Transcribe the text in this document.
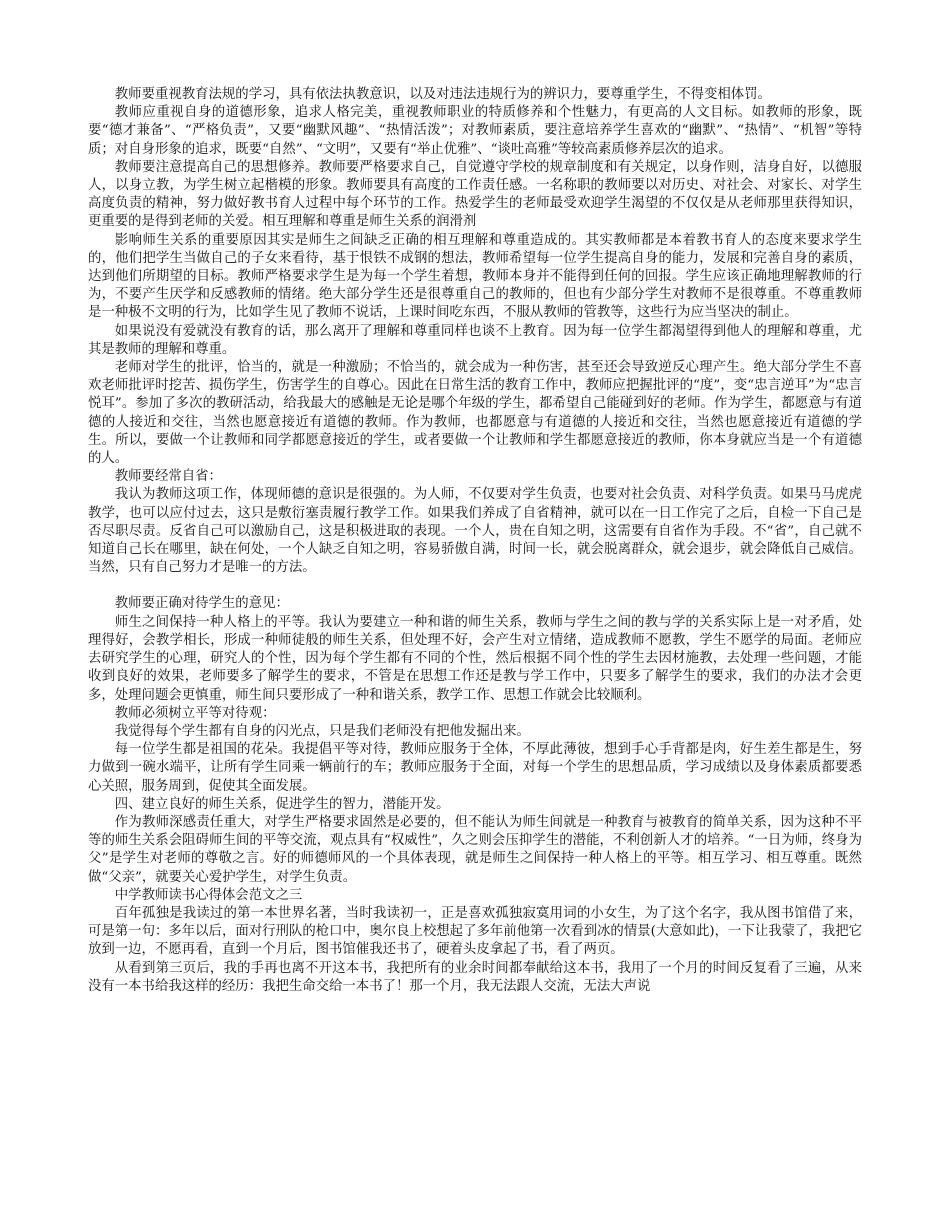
教师要重视教育法规的学习，具有依法执教意识，以及对违法违规行为的辨识力，要尊重学生，不得变相体罚。

教师应重视自身的道德形象，追求人格完美，重视教师职业的特质修养和个性魅力，有更高的人文目标。如教师的形象，既要“德才兼备”、“严格负责”，又要“幽默风趣”、“热情活泼”；对教师素质，要注意培养学生喜欢的“幽默”、“热情”、“机智”等特质；对自身形象的追求，既要“自然”、“文明”，又要有“举止优雅”、“谈吐高雅”等较高素质修养层次的追求。

教师要注意提高自己的思想修养。教师要严格要求自己，自觉遵守学校的规章制度和有关规定，以身作则，洁身自好，以德服人，以身立教，为学生树立起楷模的形象。教师要具有高度的工作责任感。一名称职的教师要以对历史、对社会、对家长、对学生高度负责的精神，努力做好教书育人过程中每个环节的工作。热爱学生的老师最受欢迎学生渴望的不仅仅是从老师那里获得知识，更重要的是得到老师的关爱。相互理解和尊重是师生关系的润滑剂

影响师生关系的重要原因其实是师生之间缺乏正确的相互理解和尊重造成的。其实教师都是本着教书育人的态度来要求学生的，他们把学生当做自己的子女来看待，基于恨铁不成钢的想法，教师希望每一位学生提高自身的能力，发展和完善自身的素质，达到他们所期望的目标。教师严格要求学生是为每一个学生着想，教师本身并不能得到任何的回报。学生应该正确地理解教师的行为，不要产生厌学和反感教师的情绪。绝大部分学生还是很尊重自己的教师的，但也有少部分学生对教师不是很尊重。不尊重教师是一种极不文明的行为，比如学生见了教师不说话，上课时间吃东西，不服从教师的管教等，这些行为应当坚决的制止。

如果说没有爱就没有教育的话，那么离开了理解和尊重同样也谈不上教育。因为每一位学生都渴望得到他人的理解和尊重，尤其是教师的理解和尊重。

老师对学生的批评，恰当的，就是一种激励；不恰当的，就会成为一种伤害，甚至还会导致逆反心理产生。绝大部分学生不喜欢老师批评时挖苦、损伤学生，伤害学生的自尊心。因此在日常生活的教育工作中，教师应把握批评的“度”，变“忠言逆耳”为“忠言悦耳”。参加了多次的教研活动，给我最大的感触是无论是哪个年级的学生，都希望自己能碰到好的老师。作为学生，都愿意与有道德的人接近和交往，当然也愿意接近有道德的教师。作为教师，也都愿意与有道德的人接近和交往，当然也愿意接近有道德的学生。所以，要做一个让教师和同学都愿意接近的学生，或者要做一个让教师和学生都愿意接近的教师，你本身就应当是一个有道德的人。

教师要经常自省：

我认为教师这项工作，体现师德的意识是很强的。为人师，不仅要对学生负责，也要对社会负责、对科学负责。如果马马虎虎教学，也可以应付过去，这只是敷衍塞责履行教学工作。如果我们养成了自省精神，就可以在一日工作完了之后，自检一下自己是否尽职尽责。反省自己可以激励自己，这是积极进取的表现。一个人，贵在自知之明，这需要有自省作为手段。不“省”，自己就不知道自己长在哪里，缺在何处，一个人缺乏自知之明，容易骄傲自满，时间一长，就会脱离群众，就会退步，就会降低自己威信。当然，只有自己努力才是唯一的方法。

教师要正确对待学生的意见：

师生之间保持一种人格上的平等。我认为要建立一种和谐的师生关系，教师与学生之间的教与学的关系实际上是一对矛盾，处理得好，会教学相长，形成一种师徒般的师生关系，但处理不好，会产生对立情绪，造成教师不愿教，学生不愿学的局面。老师应去研究学生的心理，研究人的个性，因为每个学生都有不同的个性，然后根据不同个性的学生去因材施教，去处理一些问题，才能收到良好的效果，老师要多了解学生的要求，不管是在思想工作还是教与学工作中，只要多了解学生的要求，我们的办法才会更多，处理问题会更慎重，师生间只要形成了一种和谐关系，教学工作、思想工作就会比较顺利。

教师必须树立平等对待观：

我觉得每个学生都有自身的闪光点，只是我们老师没有把他发掘出来。

每一位学生都是祖国的花朵。我提倡平等对待，教师应服务于全体，不厚此薄彼，想到手心手背都是肉，好生差生都是生，努力做到一碗水端平，让所有学生同乘一辆前行的车；教师应服务于全面，对每一个学生的思想品质，学习成绩以及身体素质都要悉心关照，服务周到，促使其全面发展。

四、建立良好的师生关系，促进学生的智力，潜能开发。

作为教师深感责任重大，对学生严格要求固然是必要的，但不能认为师生间就是一种教育与被教育的简单关系，因为这种不平等的师生关系会阻碍师生间的平等交流，观点具有“权威性”，久之则会压抑学生的潜能，不利创新人才的培养。“一日为师，终身为父”是学生对老师的尊敬之言。好的师德师风的一个具体表现，就是师生之间保持一种人格上的平等。相互学习、相互尊重。既然做“父亲”，就要关心爱护学生，对学生负责。

中学教师读书心得体会范文之三

百年孤独是我读过的第一本世界名著，当时我读初一，正是喜欢孤独寂寞用词的小女生，为了这个名字，我从图书馆借了来，可是第一句：多年以后，面对行刑队的枪口中，奥尔良上校想起了多年前他第一次看到冰的情景(大意如此)，一下让我蒙了，我把它放到一边，不愿再看，直到一个月后，图书馆催我还书了，硬着头皮拿起了书，看了两页。

从看到第三页后，我的手再也离不开这本书，我把所有的业余时间都奉献给这本书，我用了一个月的时间反复看了三遍，从来没有一本书给我这样的经历：我把生命交给一本书了！那一个月，我无法跟人交流，无法大声说
